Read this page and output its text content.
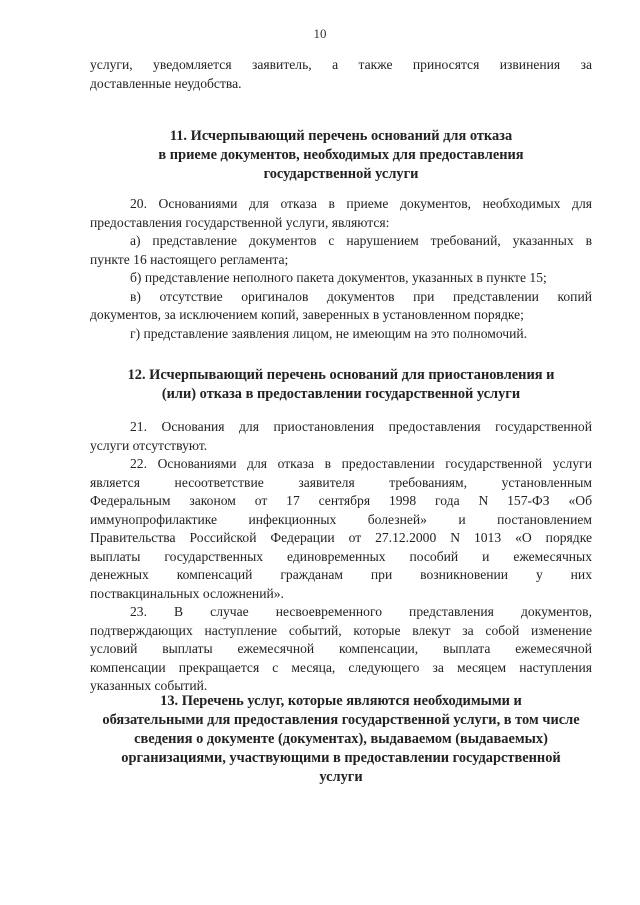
10

услуги, уведомляется заявитель, а также приносятся извинения за

доставленные неудобства.

11. Исчерпывающий перечень оснований для отказа
в приеме документов, необходимых для предоставления
государственной услуги

20. Основаниями для отказа в приеме документов, необходимых для

предоставления государственной услуги, являются:

а) представление документов с нарушением требований, указанных в

пункте 16 настоящего регламента;

б) представление неполного пакета документов, указанных в пункте 15;

в) отсутствие оригиналов документов при представлении копий

документов, за исключением копий, заверенных в установленном порядке;

г) представление заявления лицом, не имеющим на это полномочий.

12. Исчерпывающий перечень оснований для приостановления и
(или) отказа в предоставлении государственной услуги

21. Основания для приостановления предоставления государственной

услуги отсутствуют.

22. Основаниями для отказа в предоставлении государственной услуги

является несоответствие заявителя требованиям, установленным

Федеральным законом от 17 сентября 1998 года N 157-ФЗ «Об

иммунопрофилактике инфекционных болезней» и постановлением

Правительства Российской Федерации от 27.12.2000 N 1013 «О порядке

выплаты государственных единовременных пособий и ежемесячных

денежных компенсаций гражданам при возникновении у них

поствакцинальных осложнений».

23. В случае несвоевременного представления документов,

подтверждающих наступление событий, которые влекут за собой изменение

условий выплаты ежемесячной компенсации, выплата ежемесячной

компенсации прекращается с месяца, следующего за месяцем наступления

указанных событий.

13. Перечень услуг, которые являются необходимыми и
обязательными для предоставления государственной услуги, в том числе
сведения о документе (документах), выдаваемом (выдаваемых)
организациями, участвующими в предоставлении государственной
услуги
